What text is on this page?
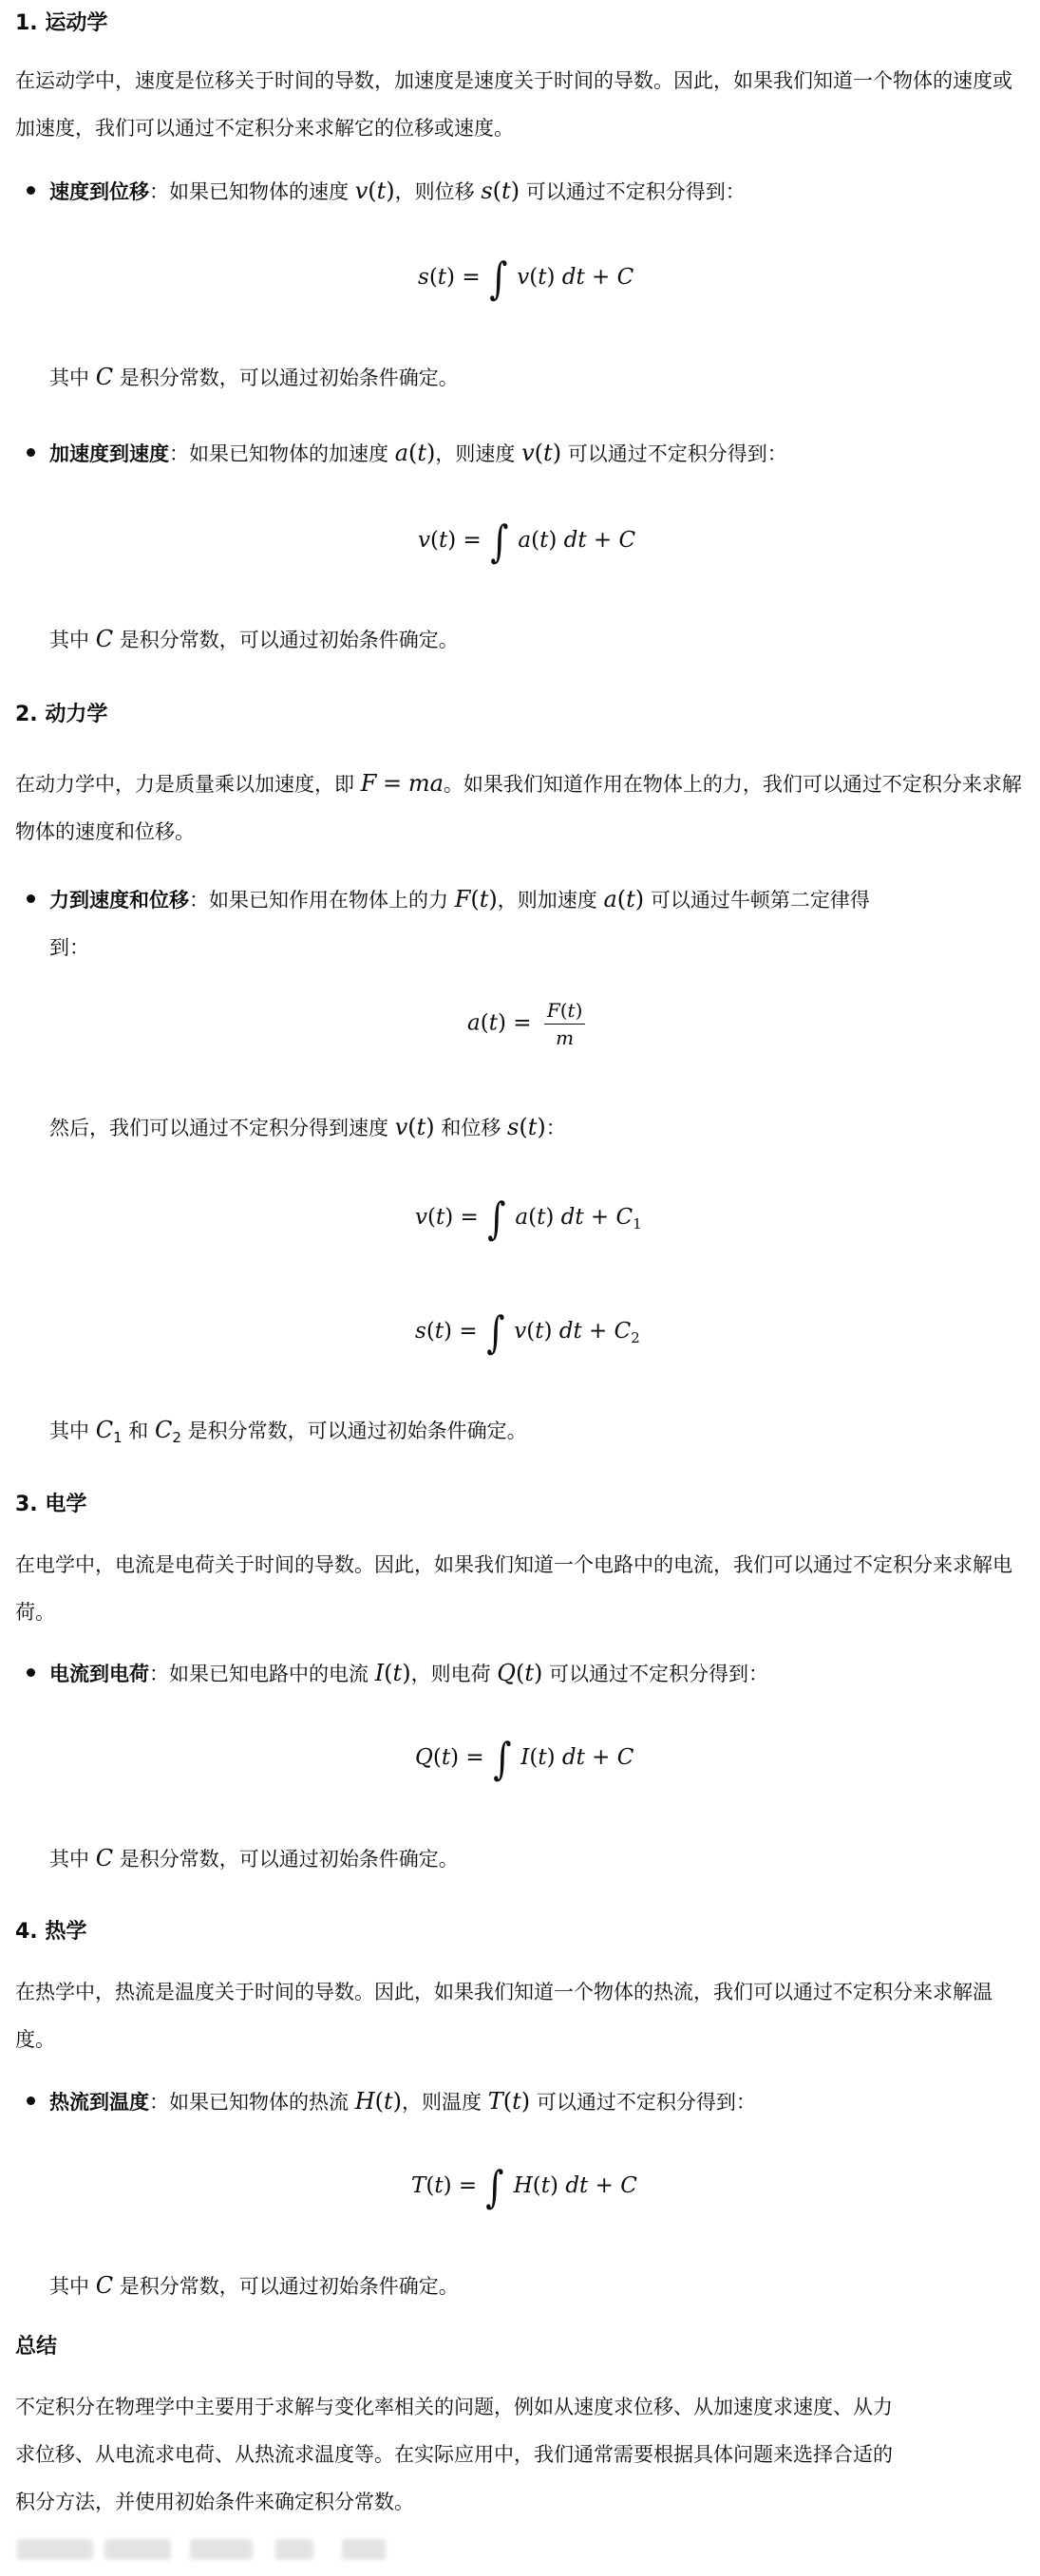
1. 运动学
在运动学中，速度是位移关于时间的导数，加速度是速度关于时间的导数。因此，如果我们知道一个物体的速度或加速度，我们可以通过不定积分来求解它的位移或速度。
速度到位移：如果已知物体的速度 v(t)，则位移 s(t) 可以通过不定积分得到：
s(t) = ∫ v(t) dt + C
其中 C 是积分常数，可以通过初始条件确定。
加速度到速度：如果已知物体的加速度 a(t)，则速度 v(t) 可以通过不定积分得到：
v(t) = ∫ a(t) dt + C
其中 C 是积分常数，可以通过初始条件确定。
2. 动力学
在动力学中，力是质量乘以加速度，即 F = ma。如果我们知道作用在物体上的力，我们可以通过不定积分来求解物体的速度和位移。
力到速度和位移：如果已知作用在物体上的力 F(t)，则加速度 a(t) 可以通过牛顿第二定律得
到：
$a(t) = \frac{F(t)}{m}$
然后，我们可以通过不定积分得到速度 v(t) 和位移 s(t)：
v(t) = ∫ a(t) dt + $C_1$
s(t) = ∫ v(t) dt + $C_2$
其中 $C_1$ 和 $C_2$ 是积分常数，可以通过初始条件确定。
3. 电学
在电学中，电流是电荷关于时间的导数。因此，如果我们知道一个电路中的电流，我们可以通过不定积分来求解电荷。
电流到电荷：如果已知电路中的电流 I(t)，则电荷 Q(t) 可以通过不定积分得到：
Q(t) = ∫ I(t) dt + C
其中 C 是积分常数，可以通过初始条件确定。
4. 热学
在热学中，热流是温度关于时间的导数。因此，如果我们知道一个物体的热流，我们可以通过不定积分来求解温度。
热流到温度：如果已知物体的热流 H(t)，则温度 T(t) 可以通过不定积分得到：
T(t) = ∫ H(t) dt + C
其中 C 是积分常数，可以通过初始条件确定。
总结
不定积分在物理学中主要用于求解与变化率相关的问题，例如从速度求位移、从加速度求速度、从力
求位移、从电流求电荷、从热流求温度等。在实际应用中，我们通常需要根据具体问题来选择合适的
积分方法，并使用初始条件来确定积分常数。
